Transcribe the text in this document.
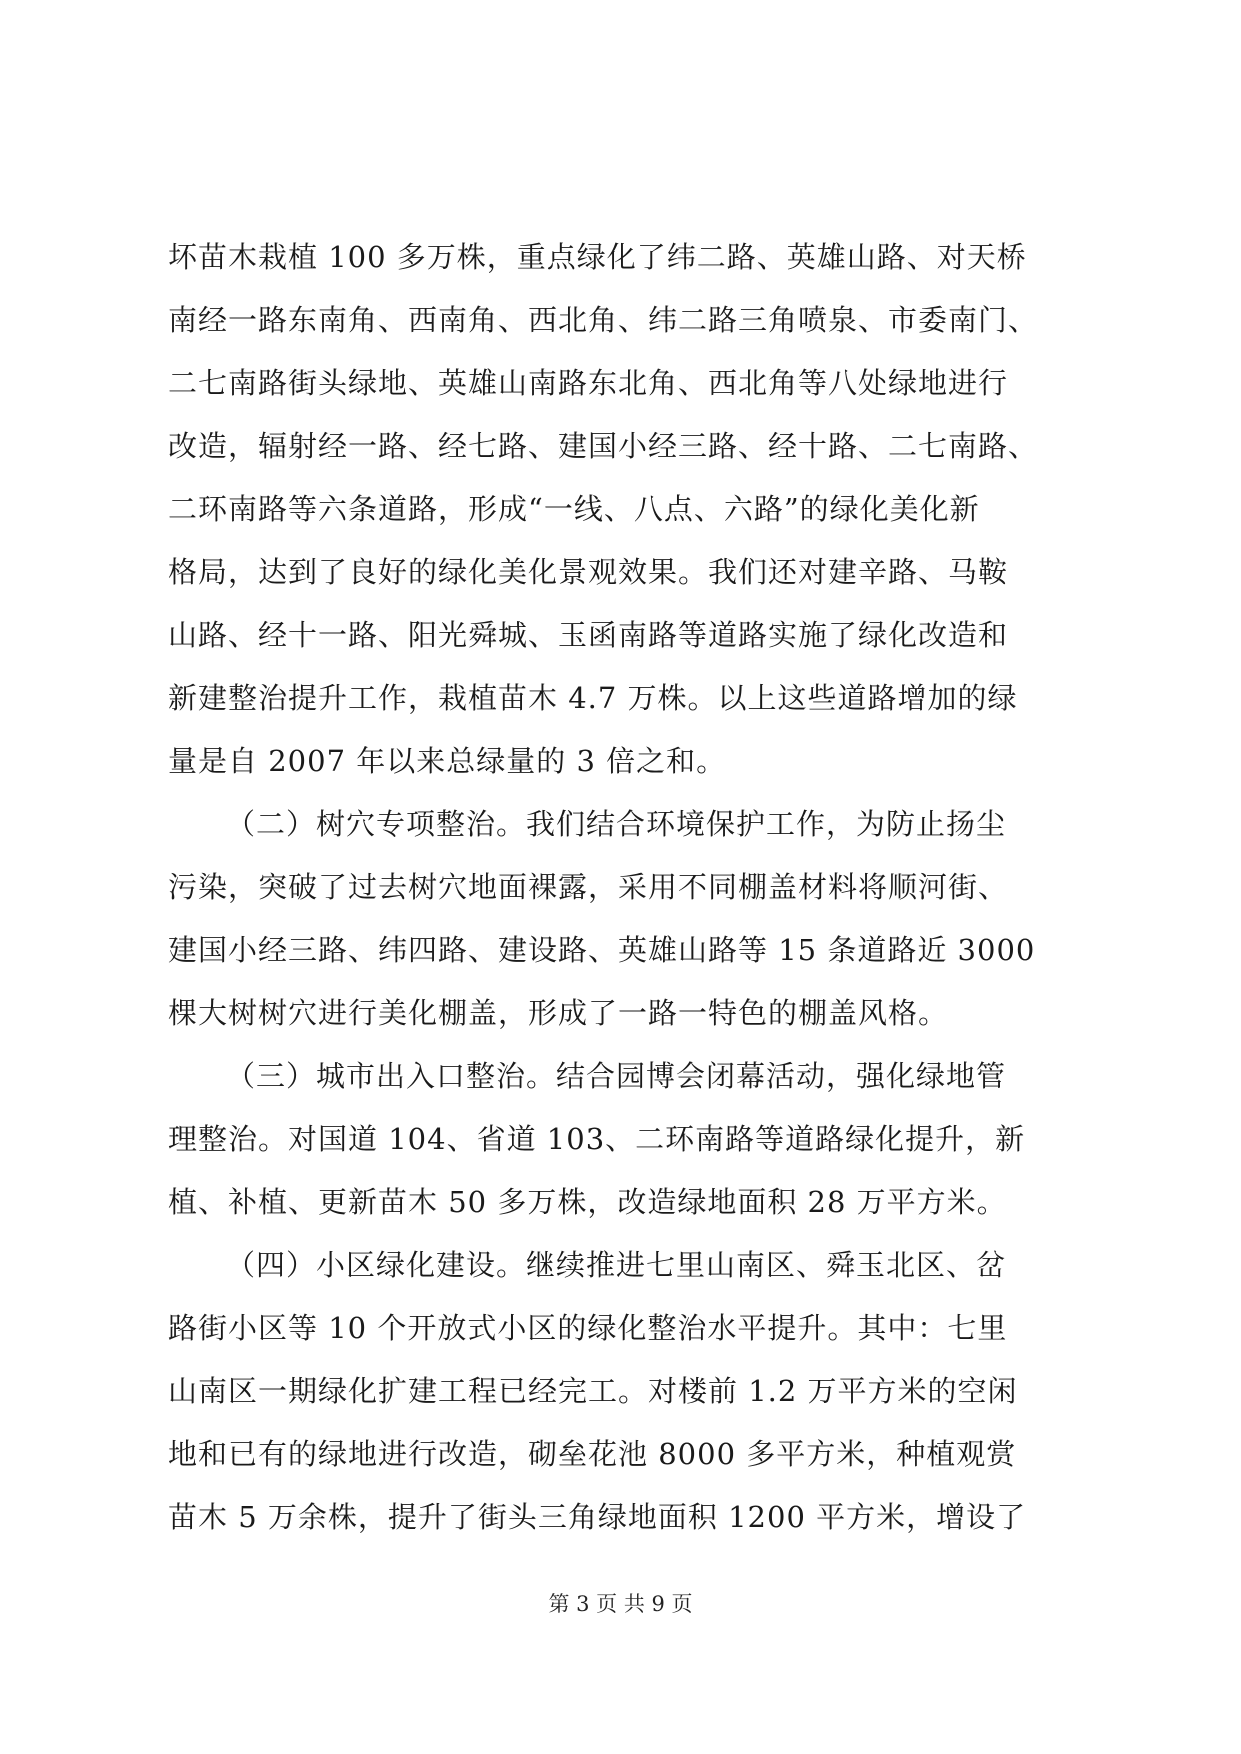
坏苗木栽植 100 多万株，重点绿化了纬二路、英雄山路、对天桥
南经一路东南角、西南角、西北角、纬二路三角喷泉、市委南门、
二七南路街头绿地、英雄山南路东北角、西北角等八处绿地进行
改造，辐射经一路、经七路、建国小经三路、经十路、二七南路、
二环南路等六条道路，形成“一线、八点、六路”的绿化美化新
格局，达到了良好的绿化美化景观效果。我们还对建辛路、马鞍
山路、经十一路、阳光舜城、玉函南路等道路实施了绿化改造和
新建整治提升工作，栽植苗木 4.7 万株。以上这些道路增加的绿
量是自 2007 年以来总绿量的 3 倍之和。
（二）树穴专项整治。我们结合环境保护工作，为防止扬尘
污染，突破了过去树穴地面裸露，采用不同棚盖材料将顺河街、
建国小经三路、纬四路、建设路、英雄山路等 15 条道路近 3000
棵大树树穴进行美化棚盖，形成了一路一特色的棚盖风格。
（三）城市出入口整治。结合园博会闭幕活动，强化绿地管
理整治。对国道 104、省道 103、二环南路等道路绿化提升，新
植、补植、更新苗木 50 多万株，改造绿地面积 28 万平方米。
（四）小区绿化建设。继续推进七里山南区、舜玉北区、岔
路街小区等 10 个开放式小区的绿化整治水平提升。其中：七里
山南区一期绿化扩建工程已经完工。对楼前 1.2 万平方米的空闲
地和已有的绿地进行改造，砌垒花池 8000 多平方米，种植观赏
苗木 5 万余株，提升了街头三角绿地面积 1200 平方米，增设了
第 3 页 共 9 页
